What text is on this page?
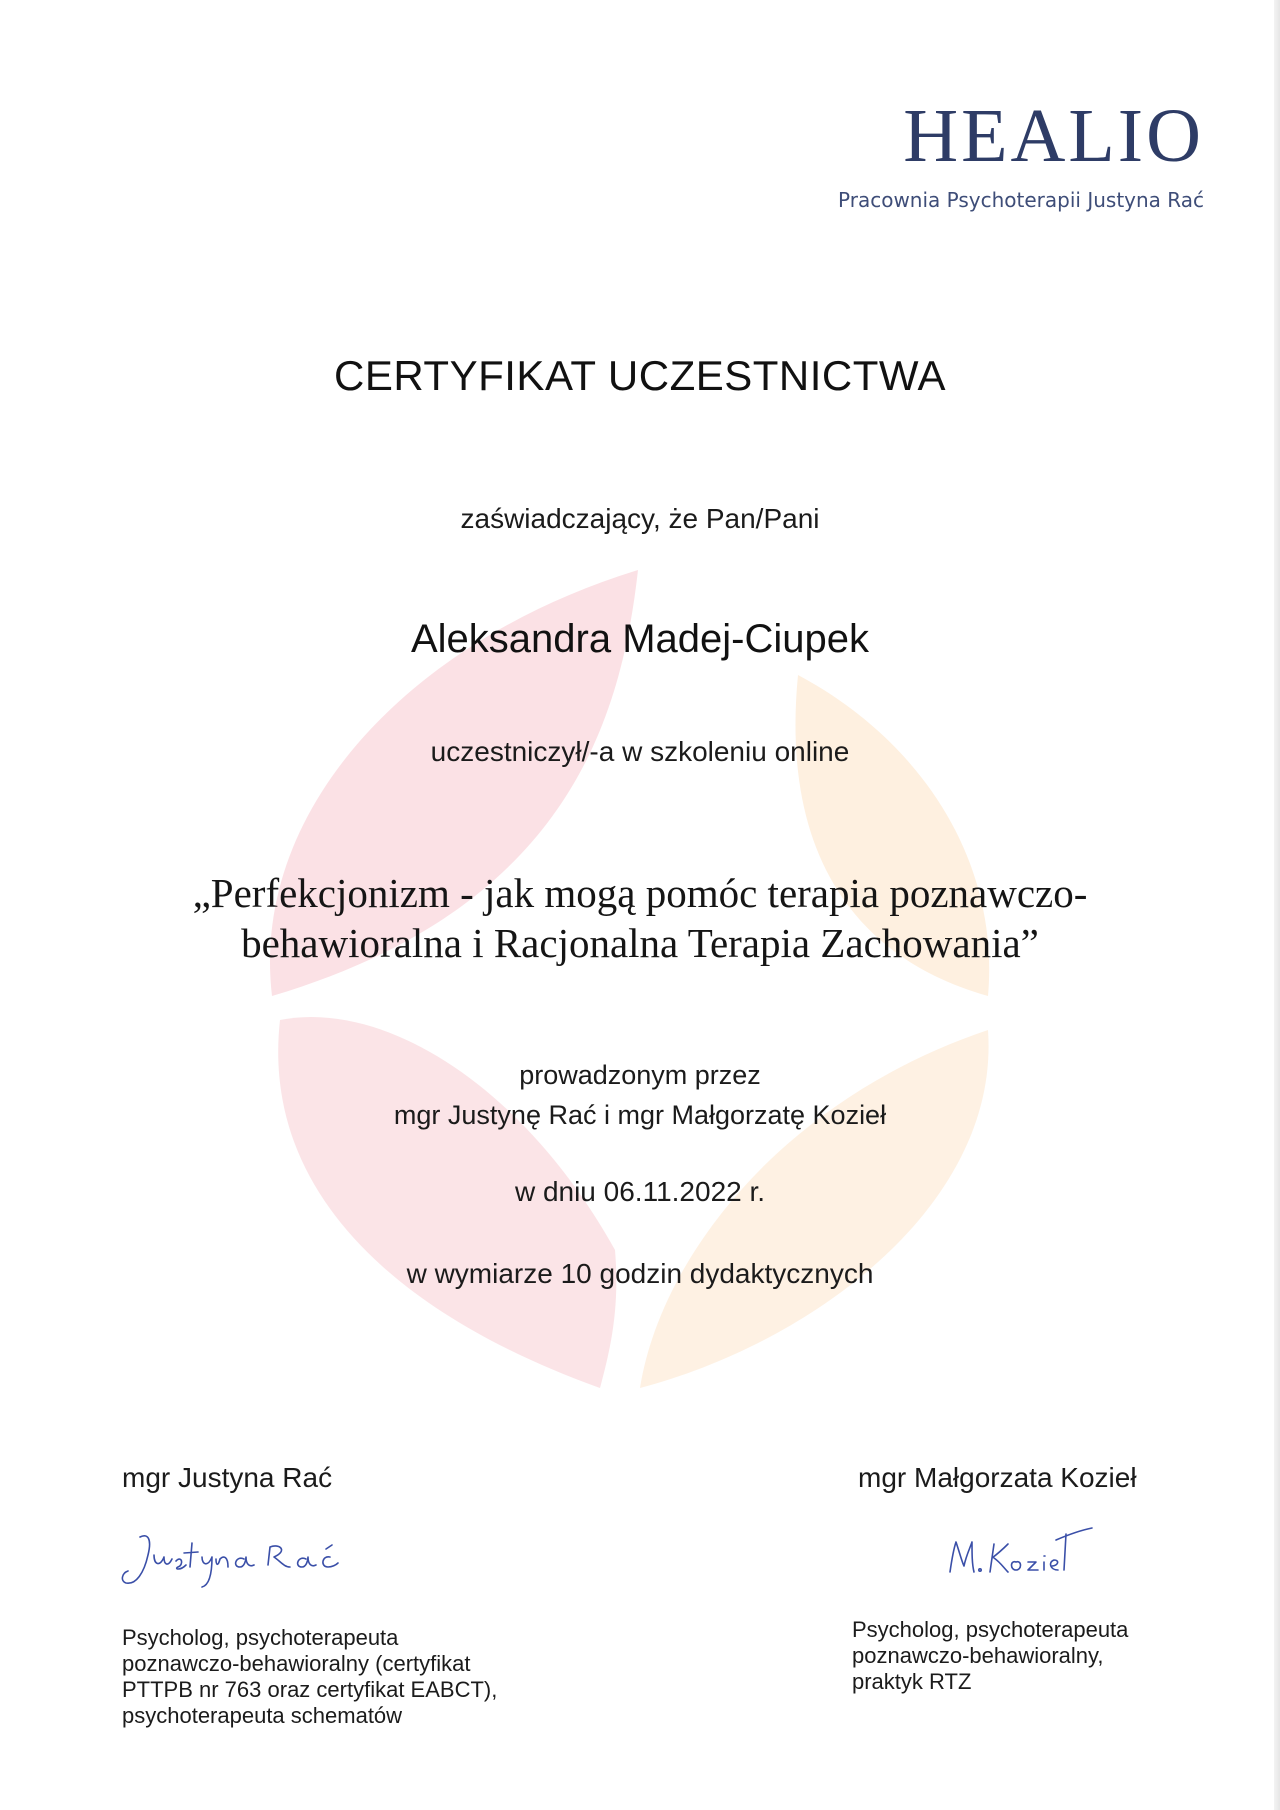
HEALIO
Pracownia Psychoterapii Justyna Rać
CERTYFIKAT UCZESTNICTWA
zaświadczający, że Pan/Pani
Aleksandra Madej-Ciupek
uczestniczył/-a w szkoleniu online
„Perfekcjonizm - jak mogą pomóc terapia poznawczo-
behawioralna i Racjonalna Terapia Zachowania”
prowadzonym przez
mgr Justynę Rać i mgr Małgorzatę Kozieł
w dniu 06.11.2022 r.
w wymiarze 10 godzin dydaktycznych
mgr Justyna Rać
Psycholog, psychoterapeuta
poznawczo-behawioralny (certyfikat
PTTPB nr 763 oraz certyfikat EABCT),
psychoterapeuta schematów
mgr Małgorzata Kozieł
Psycholog, psychoterapeuta
poznawczo-behawioralny,
praktyk RTZ
